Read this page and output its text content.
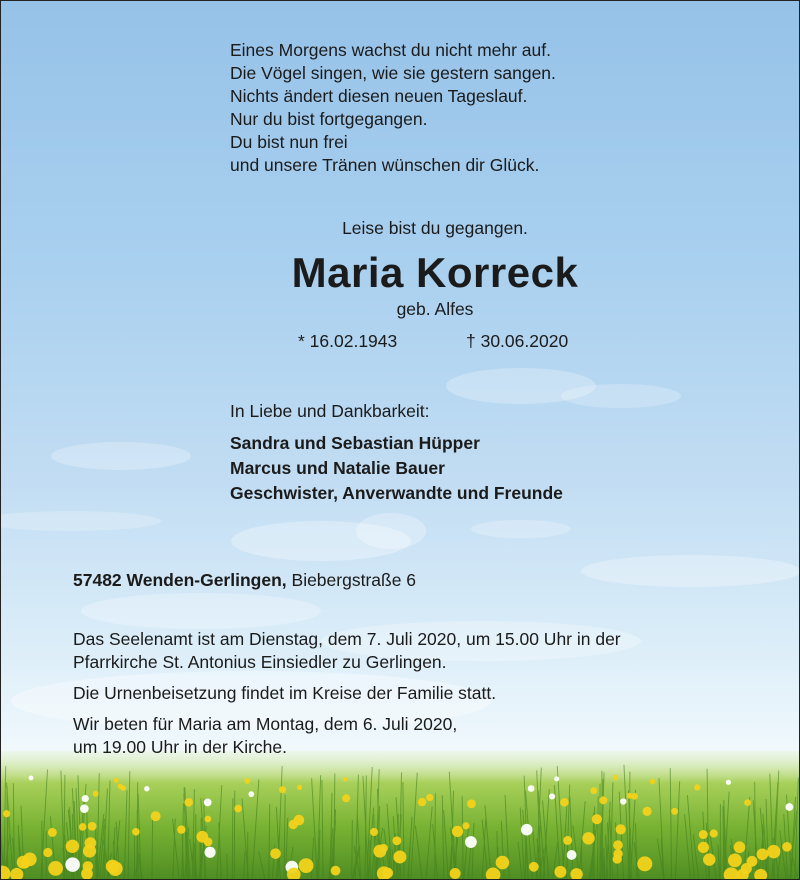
Eines Morgens wachst du nicht mehr auf.
Die Vögel singen, wie sie gestern sangen.
Nichts ändert diesen neuen Tageslauf.
Nur du bist fortgegangen.
Du bist nun frei
und unsere Tränen wünschen dir Glück.
Leise bist du gegangen.
Maria Korreck
geb. Alfes
* 16.02.1943	† 30.06.2020
In Liebe und Dankbarkeit:
Sandra und Sebastian Hüpper
Marcus und Natalie Bauer
Geschwister, Anverwandte und Freunde
57482 Wenden-Gerlingen, Biebergstraße 6
Das Seelenamt ist am Dienstag, dem 7. Juli 2020, um 15.00 Uhr in der
Pfarrkirche St. Antonius Einsiedler zu Gerlingen.
Die Urnenbeisetzung findet im Kreise der Familie statt.
Wir beten für Maria am Montag, dem 6. Juli 2020,
um 19.00 Uhr in der Kirche.
